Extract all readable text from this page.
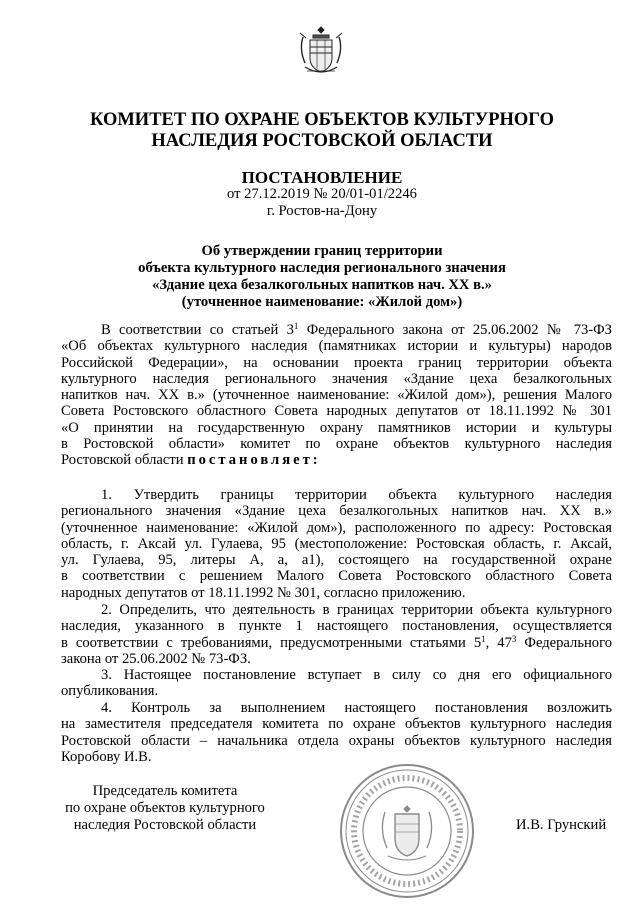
КОМИТЕТ ПО ОХРАНЕ ОБЪЕКТОВ КУЛЬТУРНОГО
НАСЛЕДИЯ РОСТОВСКОЙ ОБЛАСТИ
ПОСТАНОВЛЕНИЕ
от 27.12.2019 № 20/01-01/2246
г. Ростов-на-Дону
Об утверждении границ территории
объекта культурного наследия регионального значения
«Здание цеха безалкогольных напитков нач. XX в.»
(уточненное наименование: «Жилой дом»)
В соответствии со статьей $3^1$ Федерального закона от 25.06.2002 № 73-ФЗ
«Об объектах культурного наследия (памятниках истории и культуры) народов
Российской Федерации», на основании проекта границ территории объекта
культурного наследия регионального значения «Здание цеха безалкогольных
напитков нач. XX в.» (уточненное наименование: «Жилой дом»), решения Малого
Совета Ростовского областного Совета народных депутатов от 18.11.1992 № 301
«О принятии на государственную охрану памятников истории и культуры
в Ростовской области» комитет по охране объектов культурного наследия
Ростовской области постановляет:
1. Утвердить границы территории объекта культурного наследия
регионального значения «Здание цеха безалкогольных напитков нач. XX в.»
(уточненное наименование: «Жилой дом»), расположенного по адресу: Ростовская
область, г. Аксай ул. Гулаева, 95 (местоположение: Ростовская область, г. Аксай,
ул. Гулаева, 95, литеры А, а, а1), состоящего на государственной охране
в соответствии с решением Малого Совета Ростовского областного Совета
народных депутатов от 18.11.1992 № 301, согласно приложению.
2. Определить, что деятельность в границах территории объекта культурного
наследия, указанного в пункте 1 настоящего постановления, осуществляется
в соответствии с требованиями, предусмотренными статьями $5^1$, $47^3$ Федерального
закона от 25.06.2002 № 73-ФЗ.
3. Настоящее постановление вступает в силу со дня его официального
опубликования.
4. Контроль за выполнением настоящего постановления возложить
на заместителя председателя комитета по охране объектов культурного наследия
Ростовской области – начальника отдела охраны объектов культурного наследия
Коробову И.В.
Председатель комитета
по охране объектов культурного
наследия Ростовской области	И.В. Грунский
